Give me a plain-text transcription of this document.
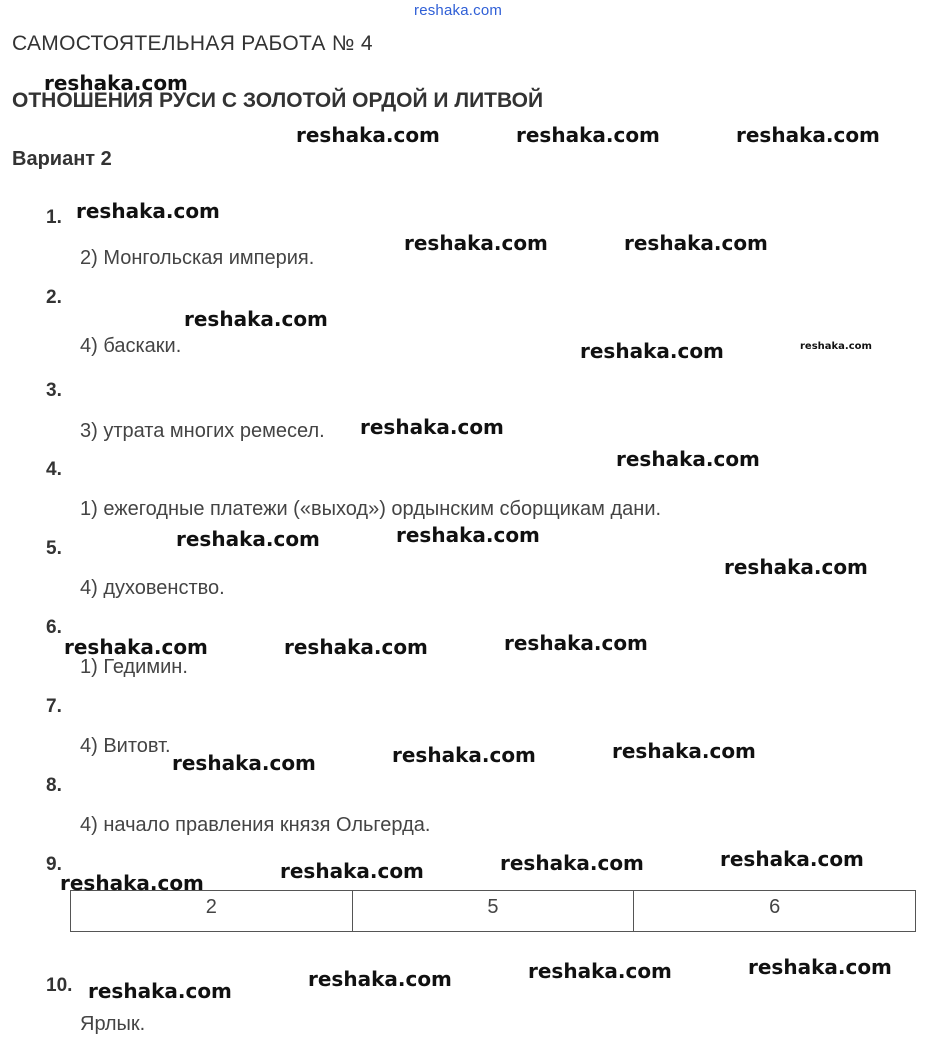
reshaka.com
САМОСТОЯТЕЛЬНАЯ РАБОТА № 4
ОТНОШЕНИЯ РУСИ С ЗОЛОТОЙ ОРДОЙ И ЛИТВОЙ
Вариант 2
1.
2.
3.
4.
5.
6.
7.
8.
9.
10.
2) Монгольская империя.
4) баскаки.
3) утрата многих ремесел.
1) ежегодные платежи («выход») ордынским сборщикам дани.
4) духовенство.
1) Гедимин.
4) Витовт.
4) начало правления князя Ольгерда.
Ярлык.
2	5	6
reshaka.com
reshaka.com	reshaka.com	reshaka.com
reshaka.com
reshaka.com	reshaka.com
reshaka.com
reshaka.com	reshaka.com
reshaka.com
reshaka.com
reshaka.com	reshaka.com
reshaka.com
reshaka.com	reshaka.com	reshaka.com
reshaka.com	reshaka.com	reshaka.com
reshaka.com	reshaka.com	reshaka.com	reshaka.com
reshaka.com	reshaka.com	reshaka.com	reshaka.com
